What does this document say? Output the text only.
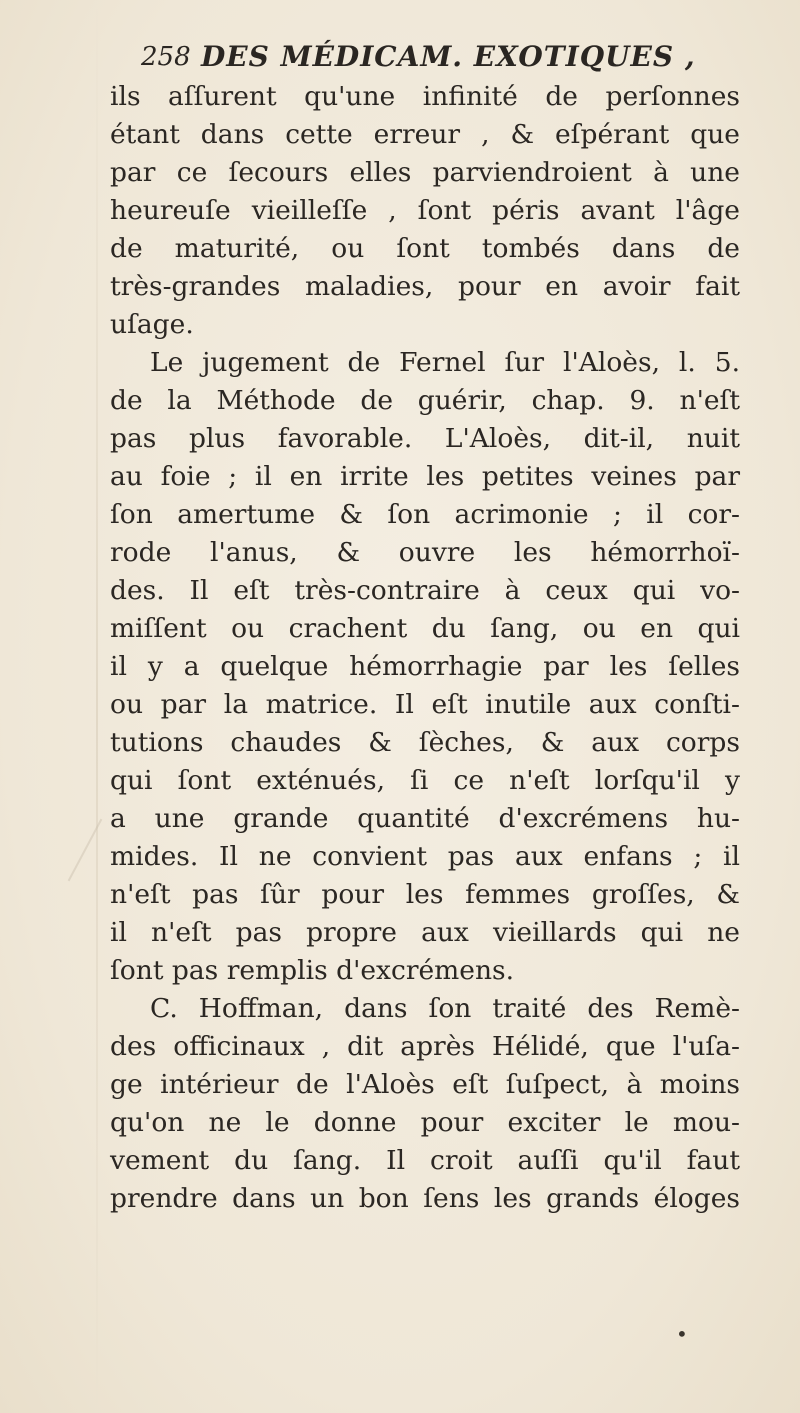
258 DES MÉDICAM. EXOTIQUES ,
ils aſſurent qu'une infinité de perſonnes
étant dans cette erreur , & eſpérant que
par ce ſecours elles parviendroient à une
heureuſe vieilleſſe , ſont péris avant l'âge
de maturité, ou ſont tombés dans de
très-grandes maladies, pour en avoir fait
uſage.
Le jugement de Fernel ſur l'Aloès, l. 5.
de la Méthode de guérir, chap. 9. n'eſt
pas plus favorable. L'Aloès, dit-il, nuit
au foie ; il en irrite les petites veines par
ſon amertume & ſon acrimonie ; il cor-
rode l'anus, & ouvre les hémorrhoï-
des. Il eſt très-contraire à ceux qui vo-
miſſent ou crachent du ſang, ou en qui
il y a quelque hémorrhagie par les ſelles
ou par la matrice. Il eſt inutile aux conſti-
tutions chaudes & ſèches, & aux corps
qui ſont exténués, ſi ce n'eſt lorſqu'il y
a une grande quantité d'excrémens hu-
mides. Il ne convient pas aux enfans ; il
n'eſt pas ſûr pour les femmes groſſes, &
il n'eſt pas propre aux vieillards qui ne
ſont pas remplis d'excrémens.
C. Hoffman, dans ſon traité des Remè-
des officinaux , dit après Hélidé, que l'uſa-
ge intérieur de l'Aloès eſt ſuſpect, à moins
qu'on ne le donne pour exciter le mou-
vement du ſang. Il croit auſſi qu'il faut
prendre dans un bon ſens les grands éloges
•
